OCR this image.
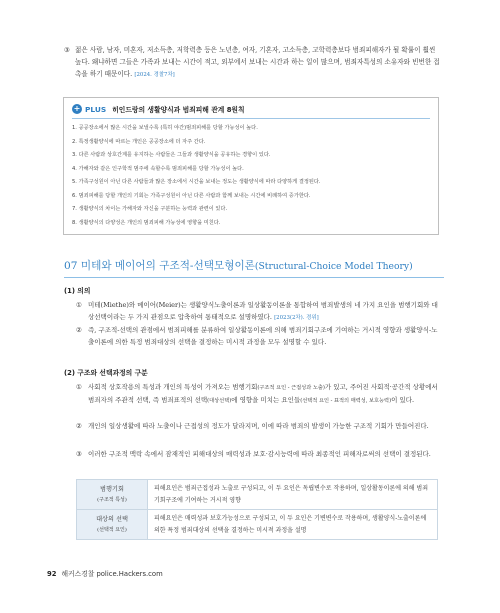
③ 젊은 사람, 남자, 미혼자, 저소득층, 저학력층 등은 노년층, 여자, 기혼자, 고소득층, 고학력층보다 범죄피해자가 될 확률이 훨씬 높다. 왜냐하면 그들은 가족과 보내는 시간이 적고, 외부에서 보내는 시간과 하는 일이 많으며, 범죄자특성의 소유자와 빈번한 접촉을 하기 때문이다. [2024. 경찰7차]
+ PLUS 히인드랑의 생활양식과 범죄피해 관계 8원칙
1. 공공장소에서 많은 시간을 보낼수록 (특히 야간)범죄피해를 당할 가능성이 높다.
2. 특정생활양식에 따르는 개인은 공공장소에 더 자주 간다.
3. 다른 사람과 상호간계를 유지하는 사람들은 그들과 생활양식을 공유하는 경향이 있다.
4. 가해자와 같은 인구학적 범주에 속할수록 범죄피해를 당할 가능성이 높다.
5. 가족구성원이 아닌 다른 사람들과 많은 장소에서 시간을 보내는 정도는 생활양식에 따라 다양하게 결정된다.
6. 범죄피해를 당할 개인의 기회는 가족구성원이 아닌 다른 사람과 함께 보내는 시간에 비례하여 증가한다.
7. 생활양식의 차이는 가해자와 자신을 구분하는 능력과 관련이 있다.
8. 생활양식의 다양성은 개인의 범죄피해 가능성에 영향을 미친다.
07 미테와 메이어의 구조적-선택모형이론(Structural-Choice Model Theory)
(1) 의의
① 미테(Miethe)와 메이어(Meier)는 생활양식노출이론과 일상활동이론을 통합하여 범죄발생의 네 가지 요인을 범행기회와 대상선택이라는 두 가지 관점으로 압축하여 통태적으로 설명하였다. [2023(2차). 경위]
② 즉, 구조적-선택의 관점에서 범죄피해를 분류하여 일상활동이론에 의해 범죄기회구조에 기여하는 거시적 영향과 생활양식-노출이론에 의한 특정 범죄대상의 선택을 결정하는 미시적 과정을 모두 설명할 수 있다.
(2) 구조와 선택과정의 구분
① 사회적 상호작용의 특성과 개인의 특성이 가져오는 범행기회(구조적 요인 - 근접성과 노출)가 있고, 주어진 사회적·공간적 상황에서 범죄자의 주관적 선택, 즉 범죄표적의 선택(대상선택)에 영향을 미치는 요인들(선택적 요인 - 표적의 매력성, 보호능력)이 있다.
② 개인의 일상생활에 따라 노출이나 근접성의 정도가 달라지며, 이에 따라 범죄의 발생이 가능한 구조적 기회가 만들어진다.
③ 이러한 구조적 맥락 속에서 잠재적인 피해대상의 매력성과 보호·감시능력에 따라 최종적인 피해자로써의 선택이 결정된다.
범행기회
(구조적 특성)	피해요인은 범죄근접성과 노출로 구성되고, 이 두 요인은 독립변수로 작용하며, 일상활동이론에 의해 범죄기회구조에 기여하는 거시적 영향
대상의 선택
(선택적 요인)	피해요인은 매력성과 보호가능성으로 구성되고, 이 두 요인은 기변변수로 작용하며, 생활양식-노출이론에 의한 특정 범죄대상의 선택을 결정하는 미시적 과정을 설명
92 해커스경찰 police.Hackers.com
